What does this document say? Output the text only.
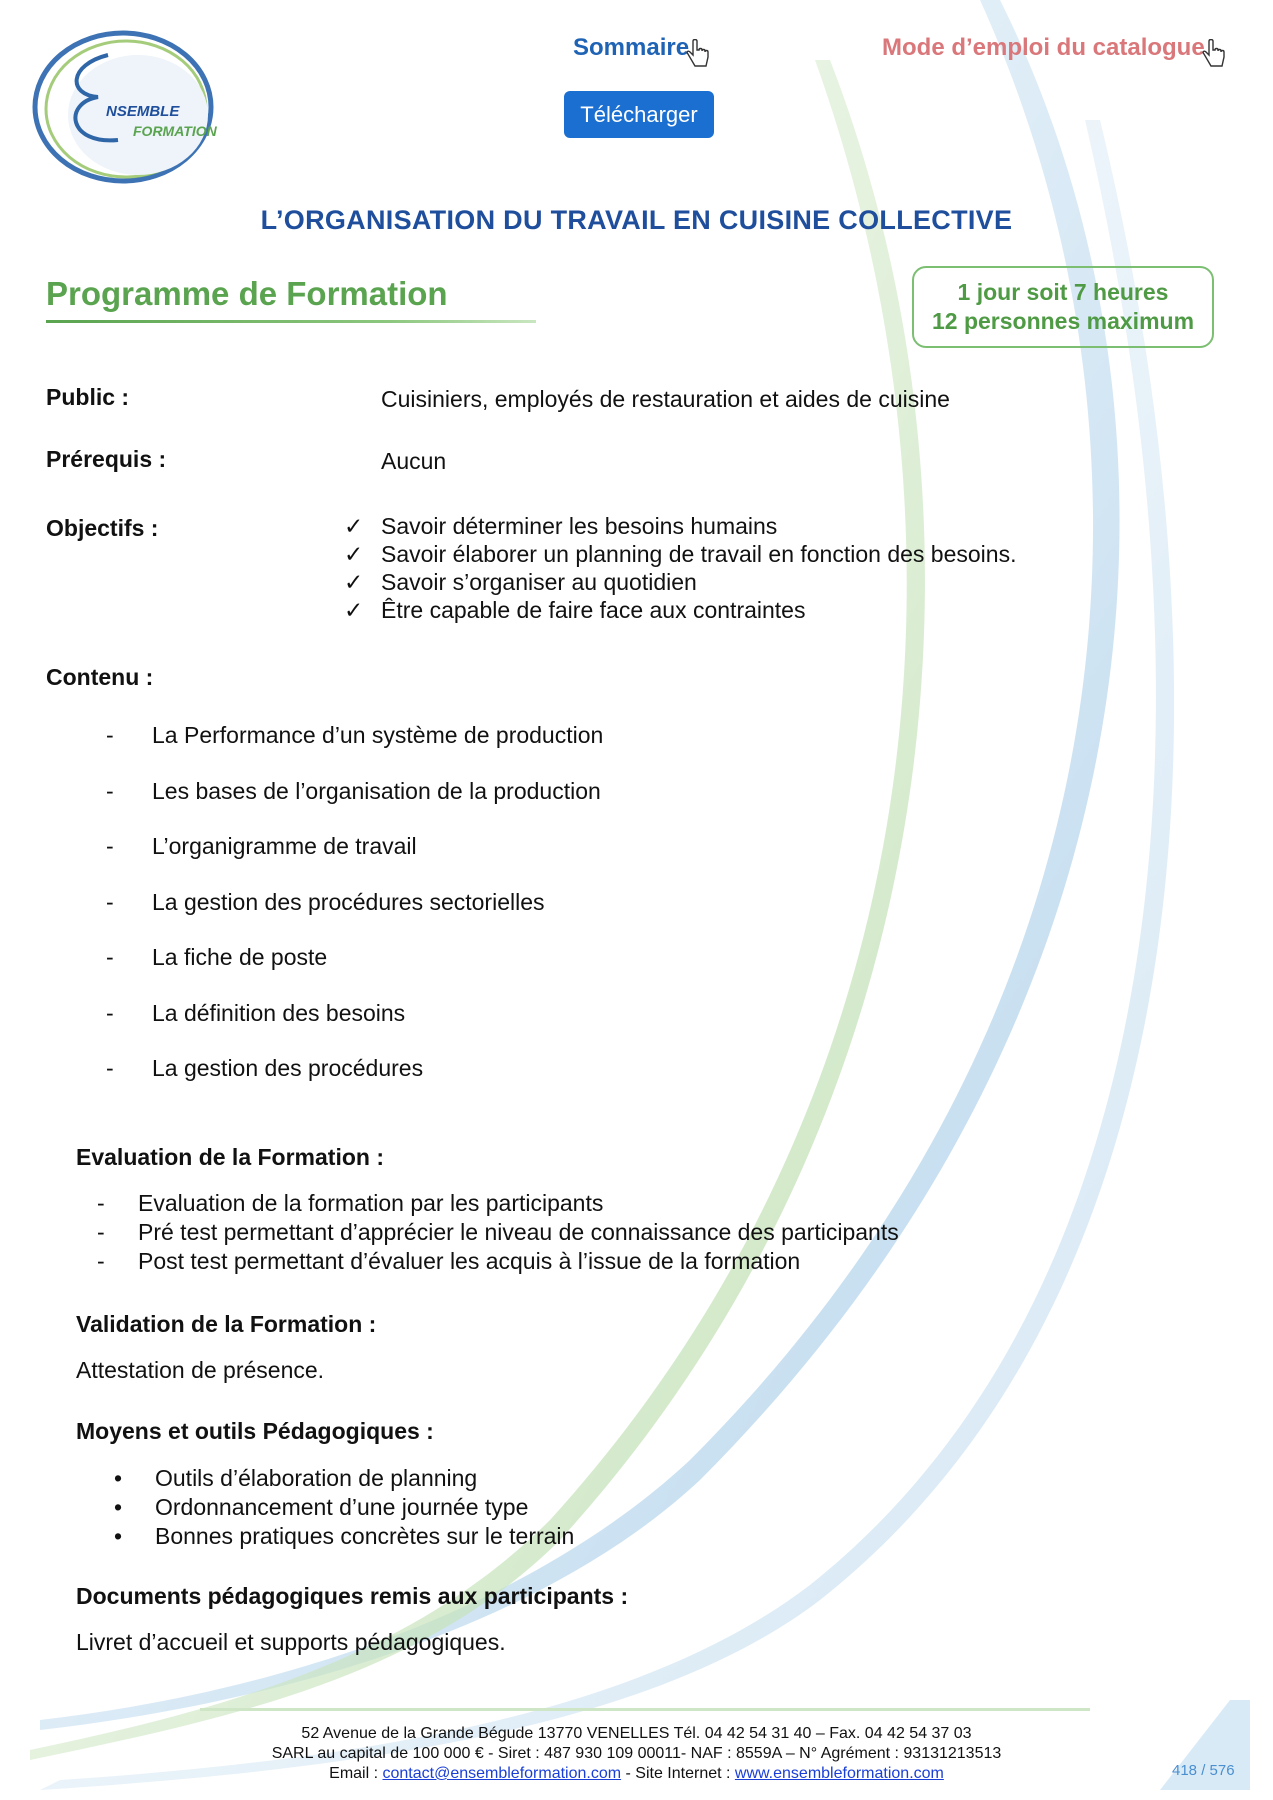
NSEMBLE
FORMATION
Sommaire	Mode d’emploi du catalogue
Télécharger
L’ORGANISATION DU TRAVAIL EN CUISINE COLLECTIVE
Programme de Formation	1 jour soit 7 heures
12 personnes maximum
Public :	Cuisiniers, employés de restauration et aides de cuisine
Prérequis :	Aucun
Objectifs :	✓ Savoir déterminer les besoins humains
✓ Savoir élaborer un planning de travail en fonction des besoins.
✓ Savoir s’organiser au quotidien
✓ Être capable de faire face aux contraintes
Contenu :
-	La Performance d’un système de production
-	Les bases de l’organisation de la production
-	L’organigramme de travail
-	La gestion des procédures sectorielles
-	La fiche de poste
-	La définition des besoins
-	La gestion des procédures
Evaluation de la Formation :
-	Evaluation de la formation par les participants
-	Pré test permettant d’apprécier le niveau de connaissance des participants
-	Post test permettant d’évaluer les acquis à l’issue de la formation
Validation de la Formation :
Attestation de présence.
Moyens et outils Pédagogiques :
•	Outils d’élaboration de planning
•	Ordonnancement d’une journée type
•	Bonnes pratiques concrètes sur le terrain
Documents pédagogiques remis aux participants :
Livret d’accueil et supports pédagogiques.
52 Avenue de la Grande Bégude 13770 VENELLES Tél. 04 42 54 31 40 – Fax. 04 42 54 37 03
SARL au capital de 100 000 € - Siret : 487 930 109 00011- NAF : 8559A – N° Agrément : 93131213513
Email : contact@ensembleformation.com - Site Internet : www.ensembleformation.com	418 / 576
